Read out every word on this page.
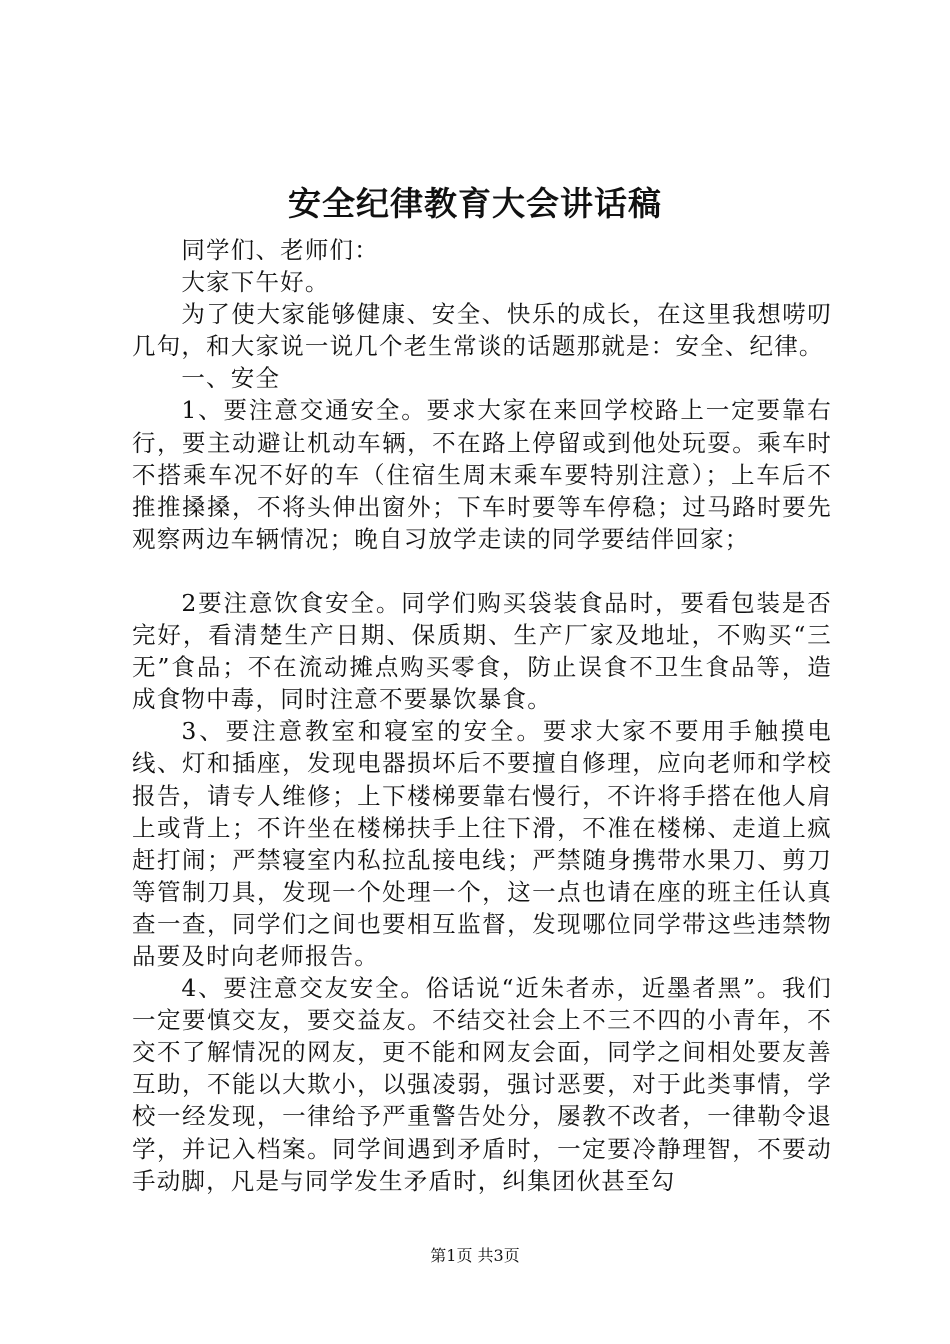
安全纪律教育大会讲话稿

同学们、老师们：

大家下午好。

为了使大家能够健康、安全、快乐的成长，在这里我想唠叨几句，和大家说一说几个老生常谈的话题那就是：安全、纪律。

一、安全

1、要注意交通安全。要求大家在来回学校路上一定要靠右行，要主动避让机动车辆，不在路上停留或到他处玩耍。乘车时不搭乘车况不好的车（住宿生周末乘车要特别注意）；上车后不推推搡搡，不将头伸出窗外；下车时要等车停稳；过马路时要先观察两边车辆情况；晚自习放学走读的同学要结伴回家；

2要注意饮食安全。同学们购买袋装食品时，要看包装是否完好，看清楚生产日期、保质期、生产厂家及地址，不购买“三无”食品；不在流动摊点购买零食，防止误食不卫生食品等，造成食物中毒，同时注意不要暴饮暴食。

3、要注意教室和寝室的安全。要求大家不要用手触摸电线、灯和插座，发现电器损坏后不要擅自修理，应向老师和学校报告，请专人维修；上下楼梯要靠右慢行，不许将手搭在他人肩上或背上；不许坐在楼梯扶手上往下滑，不准在楼梯、走道上疯赶打闹；严禁寝室内私拉乱接电线；严禁随身携带水果刀、剪刀等管制刀具，发现一个处理一个，这一点也请在座的班主任认真查一查，同学们之间也要相互监督，发现哪位同学带这些违禁物品要及时向老师报告。

4、要注意交友安全。俗话说“近朱者赤，近墨者黑”。我们一定要慎交友，要交益友。不结交社会上不三不四的小青年，不交不了解情况的网友，更不能和网友会面，同学之间相处要友善互助，不能以大欺小，以强凌弱，强讨恶要，对于此类事情，学校一经发现，一律给予严重警告处分，屡教不改者，一律勒令退学，并记入档案。同学间遇到矛盾时，一定要冷静理智，不要动手动脚，凡是与同学发生矛盾时，纠集团伙甚至勾

第1页 共3页
